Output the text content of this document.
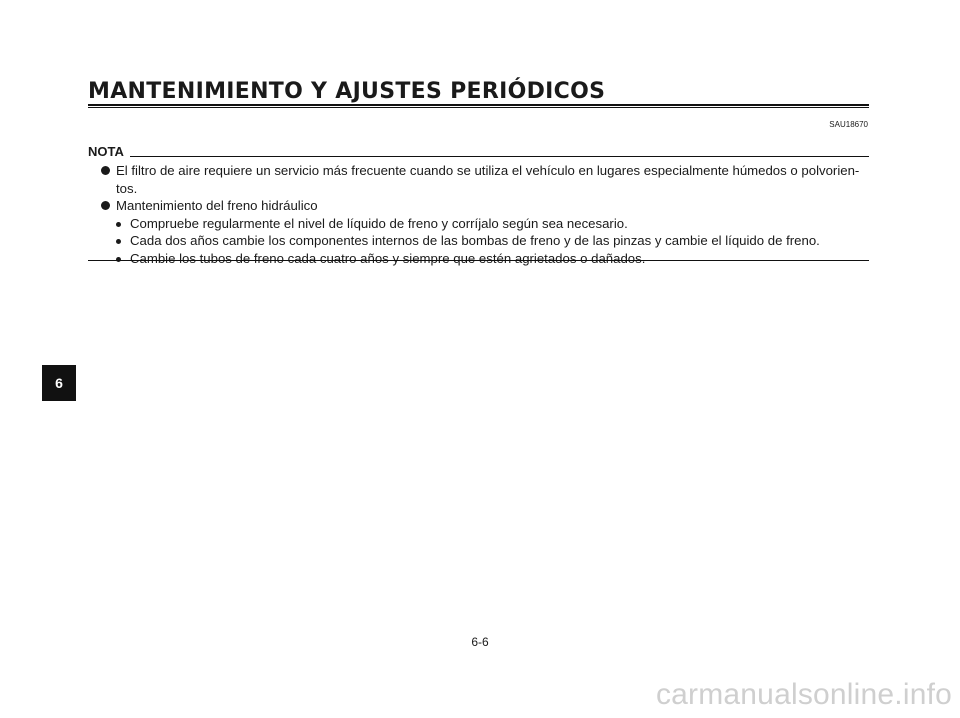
MANTENIMIENTO Y AJUSTES PERIÓDICOS
SAU18670
NOTA
El filtro de aire requiere un servicio más frecuente cuando se utiliza el vehículo en lugares especialmente húmedos o polvorien-
tos.
Mantenimiento del freno hidráulico
Compruebe regularmente el nivel de líquido de freno y corríjalo según sea necesario.
Cada dos años cambie los componentes internos de las bombas de freno y de las pinzas y cambie el líquido de freno.
Cambie los tubos de freno cada cuatro años y siempre que estén agrietados o dañados.
6
6-6
carmanualsonline.info
